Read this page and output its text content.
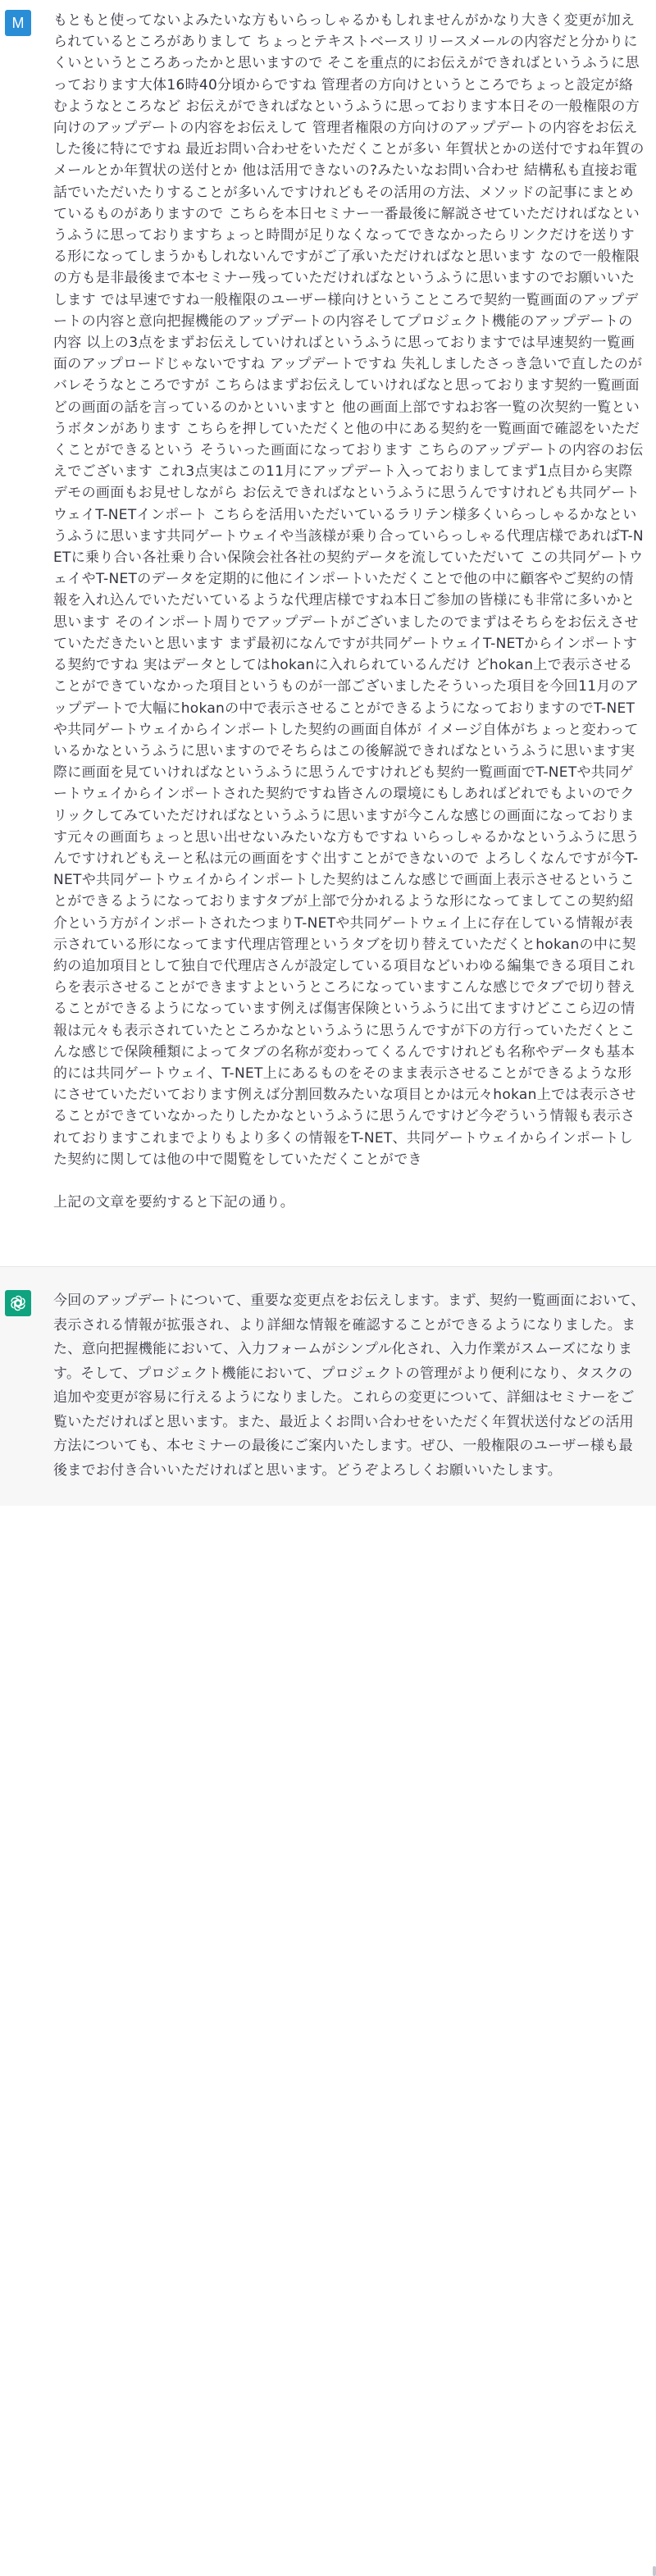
M もともと使ってないよみたいな方もいらっしゃるかもしれませんがかなり大きく変更が加えられているところがありまして ちょっとテキストベースリリースメールの内容だと分かりにくいというところあったかと思いますので そこを重点的にお伝えができればというふうに思っております大体16時40分頃からですね 管理者の方向けというところでちょっと設定が絡むようなところなど お伝えができればなというふうに思っております本日その一般権限の方向けのアップデートの内容をお伝えして 管理者権限の方向けのアップデートの内容をお伝えした後に特にですね 最近お問い合わせをいただくことが多い 年賀状とかの送付ですね年賀のメールとか年賀状の送付とか 他は活用できないの?みたいなお問い合わせ 結構私も直接お電話でいただいたりすることが多いんですけれどもその活用の方法、メソッドの記事にまとめているものがありますので こちらを本日セミナー一番最後に解説させていただければなというふうに思っておりますちょっと時間が足りなくなってできなかったらリンクだけを送りする形になってしまうかもしれないんですがご了承いただければなと思います なので一般権限の方も是非最後まで本セミナー残っていただければなというふうに思いますのでお願いいたします では早速ですね一般権限のユーザー様向けということころで契約一覧画面のアップデートの内容と意向把握機能のアップデートの内容そしてプロジェクト機能のアップデートの内容 以上の3点をまずお伝えしていければというふうに思っておりますでは早速契約一覧画面のアップロードじゃないですね アップデートですね 失礼しましたさっき急いで直したのがバレそうなところですが こちらはまずお伝えしていければなと思っております契約一覧画面 どの画面の話を言っているのかといいますと 他の画面上部ですねお客一覧の次契約一覧というボタンがあります こちらを押していただくと他の中にある契約を一覧画面で確認をいただくことができるという そういった画面になっております こちらのアップデートの内容のお伝えでございます これ3点実はこの11月にアップデート入っておりましてまず1点目から実際デモの画面もお見せしながら お伝えできればなというふうに思うんですけれども共同ゲートウェイT-NETインポート こちらを活用いただいているラリテン様多くいらっしゃるかなというふうに思います共同ゲートウェイや当該様が乗り合っていらっしゃる代理店様であればT-NETに乗り合い各社乗り合い保険会社各社の契約データを流していただいて この共同ゲートウェイやT-NETのデータを定期的に他にインポートいただくことで他の中に顧客やご契約の情報を入れ込んでいただいているような代理店様ですね本日ご参加の皆様にも非常に多いかと思います そのインポート周りでアップデートがございましたのでまずはそちらをお伝えさせていただきたいと思います まず最初になんですが共同ゲートウェイT-NETからインポートする契約ですね 実はデータとしてはhokanに入れられているんだけ どhokan上で表示させることができていなかった項目というものが一部ございましたそういった項目を今回11月のアップデートで大幅にhokanの中で表示させることができるようになっておりますのでT-NETや共同ゲートウェイからインポートした契約の画面自体が イメージ自体がちょっと変わっているかなというふうに思いますのでそちらはこの後解説できればなというふうに思います実際に画面を見ていければなというふうに思うんですけれども契約一覧画面でT-NETや共同ゲートウェイからインポートされた契約ですね皆さんの環境にもしあればどれでもよいのでクリックしてみていただければなというふうに思いますが今こんな感じの画面になっております元々の画面ちょっと思い出せないみたいな方もですね いらっしゃるかなというふうに思うんですけれどもえーと私は元の画面をすぐ出すことができないので よろしくなんですが今T-NETや共同ゲートウェイからインポートした契約はこんな感じで画面上表示させるということができるようになっておりますタブが上部で分かれるような形になってましてこの契約紹介という方がインポートされたつまりT-NETや共同ゲートウェイ上に存在している情報が表示されている形になってます代理店管理というタブを切り替えていただくとhokanの中に契約の追加項目として独自で代理店さんが設定している項目などいわゆる編集できる項目これらを表示させることができますよというところになっていますこんな感じでタブで切り替えることができるようになっています例えば傷害保険というふうに出てますけどここら辺の情報は元々も表示されていたところかなというふうに思うんですが下の方行っていただくとこんな感じで保険種類によってタブの名称が変わってくるんですけれども名称やデータも基本的には共同ゲートウェイ、T-NET上にあるものをそのまま表示させることができるような形にさせていただいております例えば分割回数みたいな項目とかは元々hokan上では表示させることができていなかったりしたかなというふうに思うんですけど今ぞういう情報も表示されておりますこれまでよりもより多くの情報をT-NET、共同ゲートウェイからインポートした契約に関しては他の中で閲覧をしていただくことができ
上記の文章を要約すると下記の通り。
今回のアップデートについて、重要な変更点をお伝えします。まず、契約一覧画面において、表示される情報が拡張され、より詳細な情報を確認することができるようになりました。また、意向把握機能において、入力フォームがシンプル化され、入力作業がスムーズになります。そして、プロジェクト機能において、プロジェクトの管理がより便利になり、タスクの追加や変更が容易に行えるようになりました。これらの変更について、詳細はセミナーをご覧いただければと思います。また、最近よくお問い合わせをいただく年賀状送付などの活用方法についても、本セミナーの最後にご案内いたします。ぜひ、一般権限のユーザー様も最後までお付き合いいただければと思います。どうぞよろしくお願いいたします。
